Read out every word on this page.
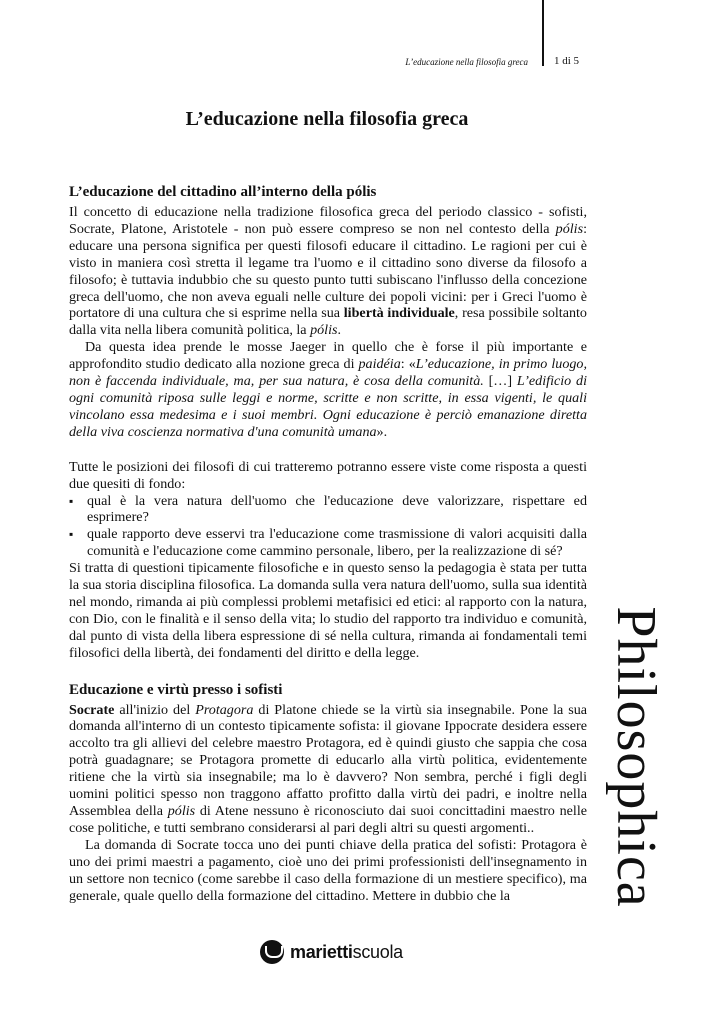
L’educazione nella filosofia greca 1 di 5
L’educazione nella filosofia greca
L’educazione del cittadino all’interno della pólis

Il concetto di educazione nella tradizione filosofica greca del periodo classico - sofisti, Socrate, Platone, Aristotele - non può essere compreso se non nel contesto della pólis: educare una persona significa per questi filosofi educare il cittadino. Le ragioni per cui è visto in maniera così stretta il legame tra l'uomo e il cittadino sono diverse da filosofo a filosofo; è tuttavia indubbio che su questo punto tutti subiscano l'influsso della concezione greca dell'uomo, che non aveva eguali nelle culture dei popoli vicini: per i Greci l'uomo è portatore di una cultura che si esprime nella sua libertà individuale, resa possibile soltanto dalla vita nella libera comunità politica, la pólis.

Da questa idea prende le mosse Jaeger in quello che è forse il più importante e approfondito studio dedicato alla nozione greca di paidéia: «L’educazione, in primo luogo, non è faccenda individuale, ma, per sua natura, è cosa della comunità. […] L’edificio di ogni comunità riposa sulle leggi e norme, scritte e non scritte, in essa vigenti, le quali vincolano essa medesima e i suoi membri. Ogni educazione è perciò emanazione diretta della viva coscienza normativa d'una comunità umana».

Tutte le posizioni dei filosofi di cui tratteremo potranno essere viste come risposta a questi due quesiti di fondo:

▪ qual è la vera natura dell'uomo che l'educazione deve valorizzare, rispettare ed esprimere?
▪ quale rapporto deve esservi tra l'educazione come trasmissione di valori acquisiti dalla comunità e l'educazione come cammino personale, libero, per la realizzazione di sé?

Si tratta di questioni tipicamente filosofiche e in questo senso la pedagogia è stata per tutta la sua storia disciplina filosofica. La domanda sulla vera natura dell'uomo, sulla sua identità nel mondo, rimanda ai più complessi problemi metafisici ed etici: al rapporto con la natura, con Dio, con le finalità e il senso della vita; lo studio del rapporto tra individuo e comunità, dal punto di vista della libera espressione di sé nella cultura, rimanda ai fondamentali temi filosofici della libertà, dei fondamenti del diritto e della legge.

Educazione e virtù presso i sofisti

Socrate all'inizio del Protagora di Platone chiede se la virtù sia insegnabile. Pone la sua domanda all'interno di un contesto tipicamente sofista: il giovane Ippocrate desidera essere accolto tra gli allievi del celebre maestro Protagora, ed è quindi giusto che sappia che cosa potrà guadagnare; se Protagora promette di educarlo alla virtù politica, evidentemente ritiene che la virtù sia insegnabile; ma lo è davvero? Non sembra, perché i figli degli uomini politici spesso non traggono affatto profitto dalla virtù dei padri, e inoltre nella Assemblea della pólis di Atene nessuno è riconosciuto dai suoi concittadini maestro nelle cose politiche, e tutti sembrano considerarsi al pari degli altri su questi argomenti..

La domanda di Socrate tocca uno dei punti chiave della pratica del sofisti: Protagora è uno dei primi maestri a pagamento, cioè uno dei primi professionisti dell'insegnamento in un settore non tecnico (come sarebbe il caso della formazione di un mestiere specifico), ma generale, quale quello della formazione del cittadino. Mettere in dubbio che la	Philosophica
mariettiscuola
